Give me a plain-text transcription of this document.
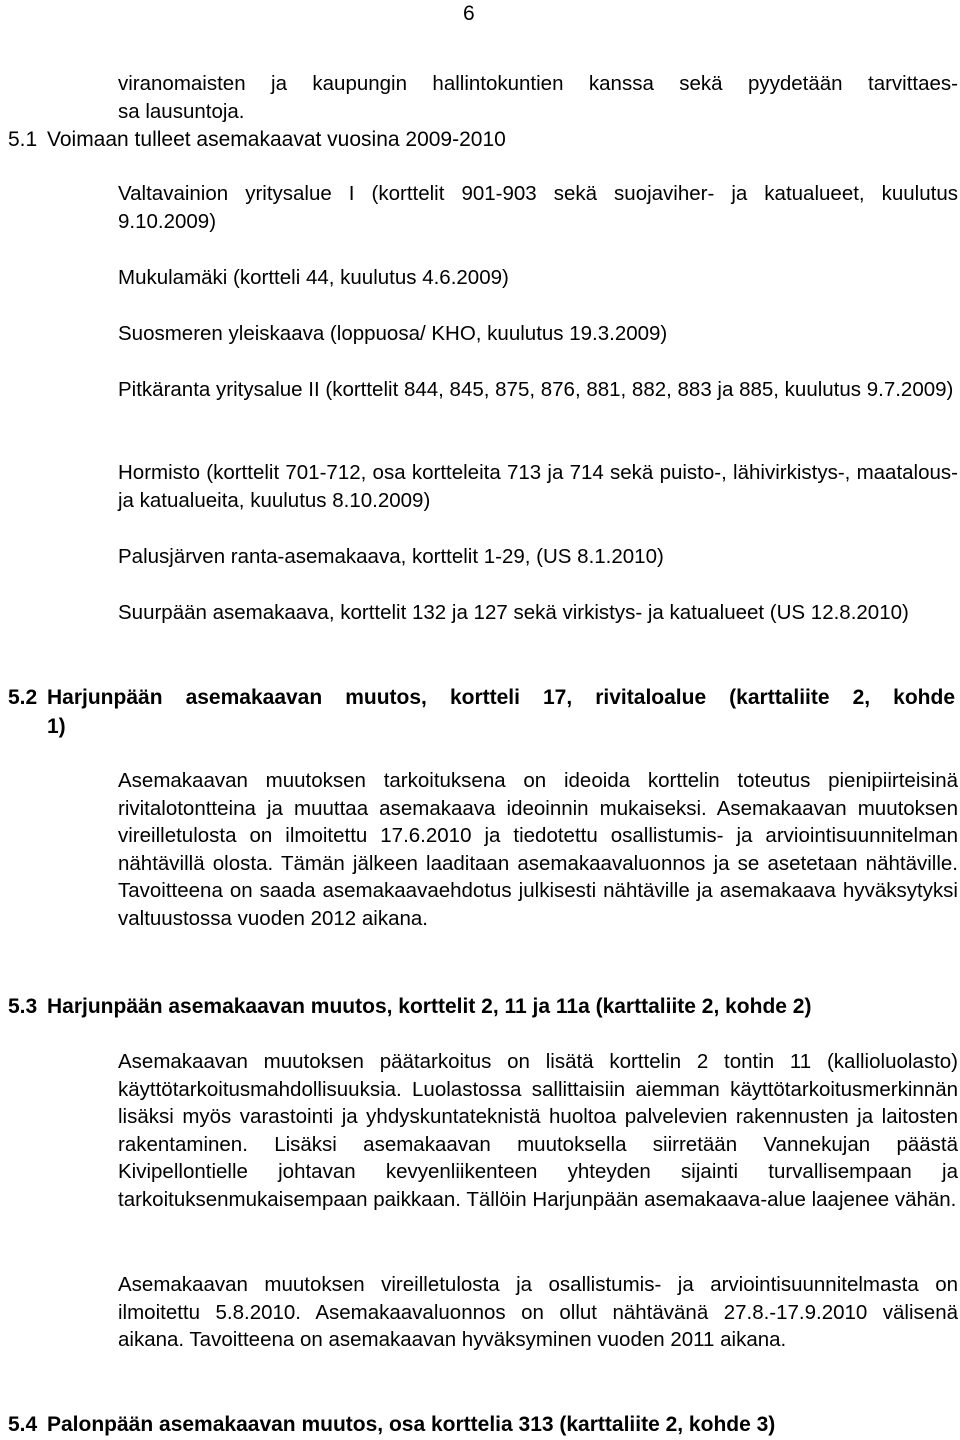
6
viranomaisten ja kaupungin hallintokuntien kanssa sekä pyydetään tarvittaes-
sa lausuntoja.
5.1 Voimaan tulleet asemakaavat vuosina 2009-2010
Valtavainion yritysalue I (korttelit 901-903 sekä suojaviher- ja katualueet, kuulutus 9.10.2009)
Mukulamäki (kortteli 44, kuulutus 4.6.2009)
Suosmeren yleiskaava (loppuosa/ KHO, kuulutus 19.3.2009)
Pitkäranta yritysalue II (korttelit 844, 845, 875, 876, 881, 882, 883 ja 885, kuulutus 9.7.2009)
Hormisto (korttelit 701-712, osa kortteleita 713 ja 714 sekä puisto-, lähivirkistys-, maatalous- ja katualueita, kuulutus 8.10.2009)
Palusjärven ranta-asemakaava, korttelit 1-29, (US 8.1.2010)
Suurpään asemakaava, korttelit 132 ja 127 sekä virkistys- ja katualueet (US 12.8.2010)
5.2 Harjunpään asemakaavan muutos, kortteli 17, rivitaloalue (karttaliite 2, kohde
1)
Asemakaavan muutoksen tarkoituksena on ideoida korttelin toteutus pienipiirteisinä rivitalotontteina ja muuttaa asemakaava ideoinnin mukaiseksi. Asemakaavan muutoksen vireilletulosta on ilmoitettu 17.6.2010 ja tiedotettu osallistumis- ja arviointisuunnitelman nähtävillä olosta. Tämän jälkeen laaditaan asemakaavaluonnos ja se asetetaan nähtäville. Tavoitteena on saada asemakaavaehdotus julkisesti nähtäville ja asemakaava hyväksytyksi valtuustossa vuoden 2012 aikana.
5.3 Harjunpään asemakaavan muutos, korttelit 2, 11 ja 11a (karttaliite 2, kohde 2)
Asemakaavan muutoksen päätarkoitus on lisätä korttelin 2 tontin 11 (kallioluolasto) käyttötarkoitusmahdollisuuksia. Luolastossa sallittaisiin aiemman käyttötarkoitusmerkinnän lisäksi myös varastointi ja yhdyskuntateknistä huoltoa palvelevien rakennusten ja laitosten rakentaminen. Lisäksi asemakaavan muutoksella siirretään Vannekujan päästä Kivipellontielle johtavan kevyenliikenteen yhteyden sijainti turvallisempaan ja tarkoituksenmukaisempaan paikkaan. Tällöin Harjunpään asemakaava-alue laajenee vähän.
Asemakaavan muutoksen vireilletulosta ja osallistumis- ja arviointisuunnitelmasta on ilmoitettu 5.8.2010. Asemakaavaluonnos on ollut nähtävänä 27.8.-17.9.2010 välisenä aikana. Tavoitteena on asemakaavan hyväksyminen vuoden 2011 aikana.
5.4 Palonpään asemakaavan muutos, osa korttelia 313 (karttaliite 2, kohde 3)
